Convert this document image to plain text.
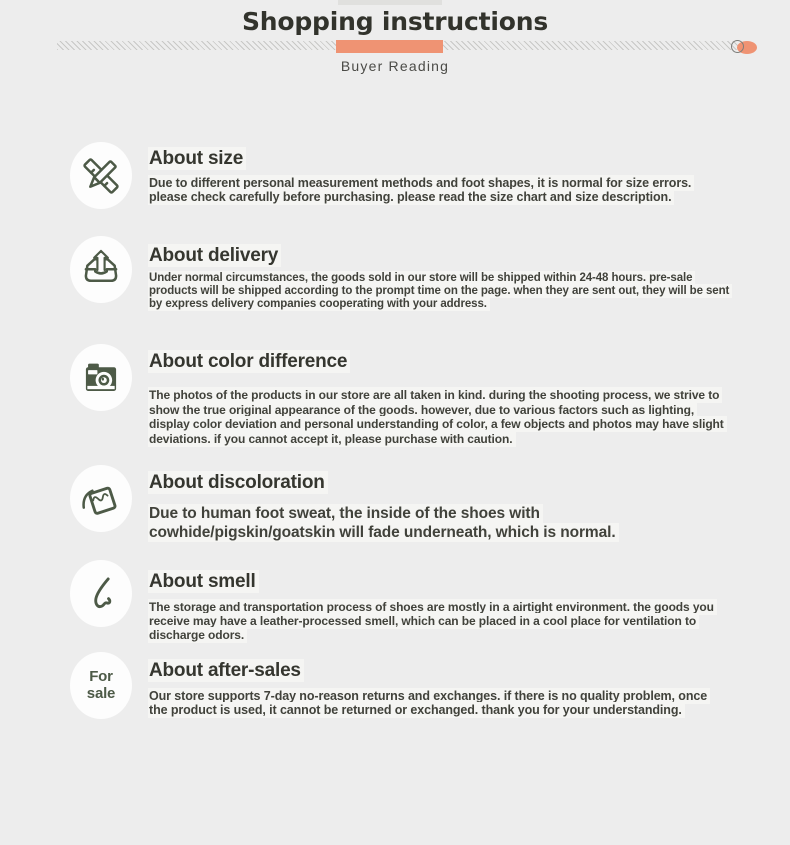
Shopping instructions

Buyer Reading

About size

Due to different personal measurement methods and foot shapes, it is normal for size errors. please check carefully before purchasing. please read the size chart and size description.

About delivery

Under normal circumstances, the goods sold in our store will be shipped within 24-48 hours. pre-sale products will be shipped according to the prompt time on the page. when they are sent out, they will be sent by express delivery companies cooperating with your address.

About color difference

The photos of the products in our store are all taken in kind. during the shooting process, we strive to show the true original appearance of the goods. however, due to various factors such as lighting, display color deviation and personal understanding of color, a few objects and photos may have slight deviations. if you cannot accept it, please purchase with caution.

About discoloration

Due to human foot sweat, the inside of the shoes with cowhide/pigskin/goatskin will fade underneath, which is normal.

About smell

The storage and transportation process of shoes are mostly in a airtight environment. the goods you receive may have a leather-processed smell, which can be placed in a cool place for ventilation to discharge odors.

For
sale
About after-sales

Our store supports 7-day no-reason returns and exchanges. if there is no quality problem, once the product is used, it cannot be returned or exchanged. thank you for your understanding.
